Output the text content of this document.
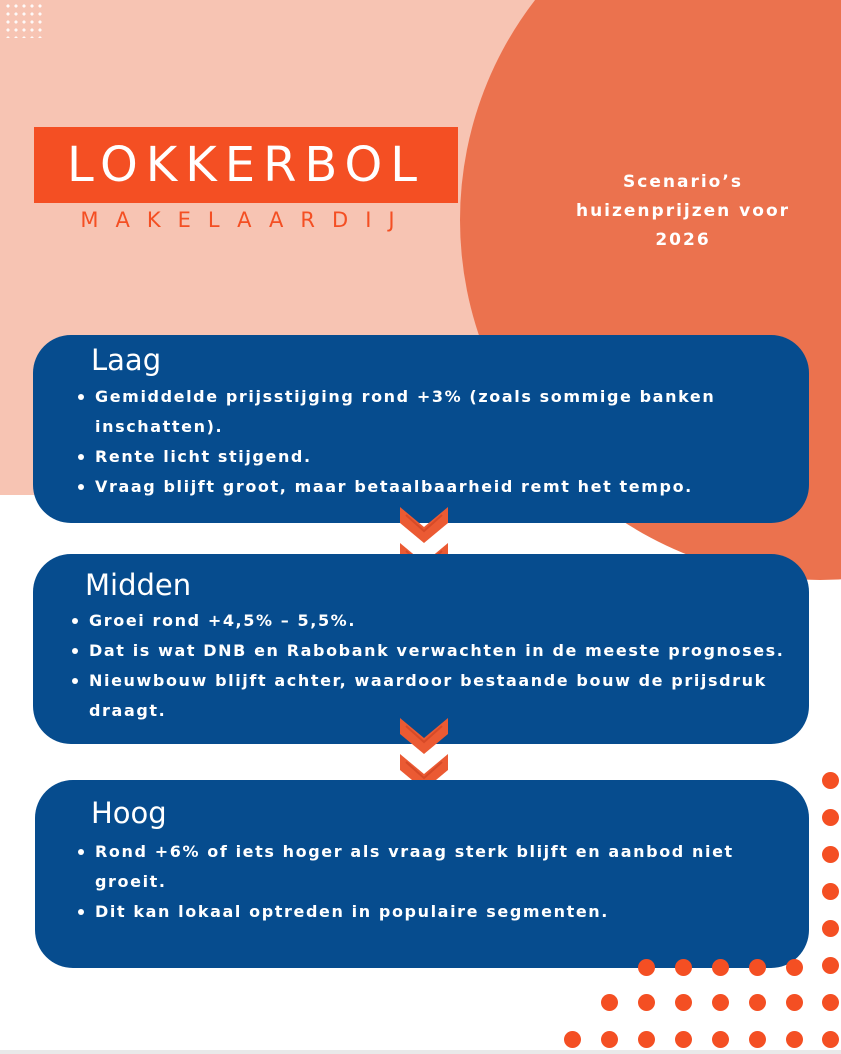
LOKKERBOL
MAKELAARDIJ
Scenario’s
huizenprijzen voor
2026
Laag
Gemiddelde prijsstijging rond +3% (zoals sommige banken
inschatten).
Rente licht stijgend.
Vraag blijft groot, maar betaalbaarheid remt het tempo.
Midden
Groei rond +4,5% – 5,5%.
Dat is wat DNB en Rabobank verwachten in de meeste prognoses.
Nieuwbouw blijft achter, waardoor bestaande bouw de prijsdruk
draagt.
Hoog
Rond +6% of iets hoger als vraag sterk blijft en aanbod niet
groeit.
Dit kan lokaal optreden in populaire segmenten.
